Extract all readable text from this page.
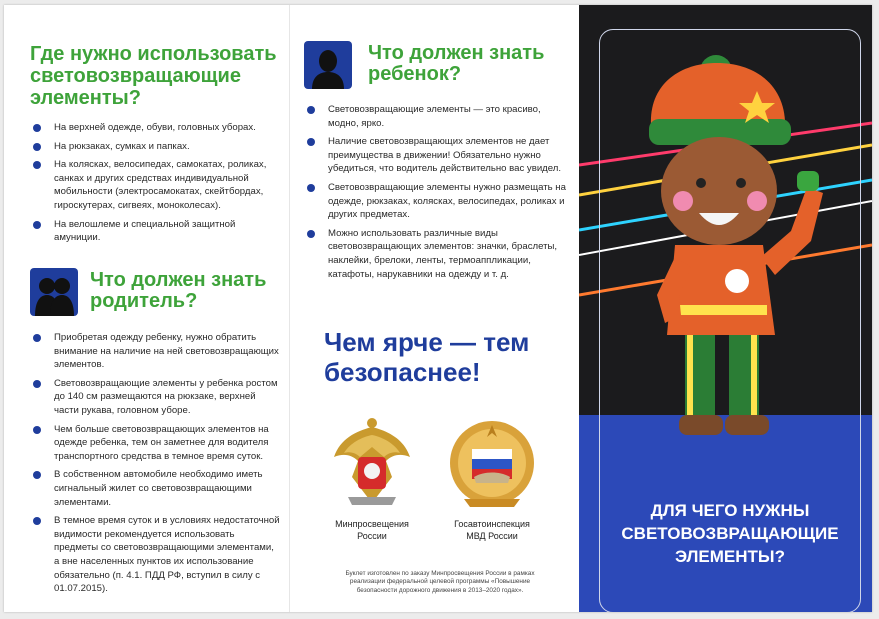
Где нужно использовать световозвращающие элементы?
На верхней одежде, обуви, головных уборах.
На рюкзаках, сумках и папках.
На колясках, велосипедах, самокатах, роликах, санках и других средствах индивидуальной мобильности (электросамокатах, скейтбордах, гироскутерах, сигвеях, моноколесах).
На велошлеме и специальной защитной амуниции.
Что должен знать родитель?
Приобретая одежду ребенку, нужно обратить внимание на наличие на ней световозвращающих элементов.
Световозвращающие элементы у ребенка ростом до 140 см размещаются на рюкзаке, верхней части рукава, головном уборе.
Чем больше световозвращающих элементов на одежде ребенка, тем он заметнее для водителя транспортного средства в темное время суток.
В собственном автомобиле необходимо иметь сигнальный жилет со световозвращающими элементами.
В темное время суток и в условиях недостаточной видимости рекомендуется использовать предметы со световозвращающими элементами, а вне населенных пунктов их использование обязательно (п. 4.1. ПДД РФ, вступил в силу с 01.07.2015).
Что должен знать ребенок?
Световозвращающие элементы — это красиво, модно, ярко.
Наличие световозвращающих элементов не дает преимущества в движении! Обязательно нужно убедиться, что водитель действительно вас увидел.
Световозвращающие элементы нужно размещать на одежде, рюкзаках, колясках, велосипедах, роликах и других предметах.
Можно использовать различные виды световозвращающих элементов: значки, браслеты, наклейки, брелоки, ленты, термоаппликации, катафоты, нарукавники на одежду и т. д.
Чем ярче — тем безопаснее!
Минпросвещения
России
Госавтоинспекция
МВД России
Буклет изготовлен по заказу Минпросвещения России в рамках реализации федеральной целевой программы «Повышение безопасности дорожного движения в 2013–2020 годах».
ДЛЯ ЧЕГО НУЖНЫ СВЕТОВОЗВРАЩАЮЩИЕ ЭЛЕМЕНТЫ?
